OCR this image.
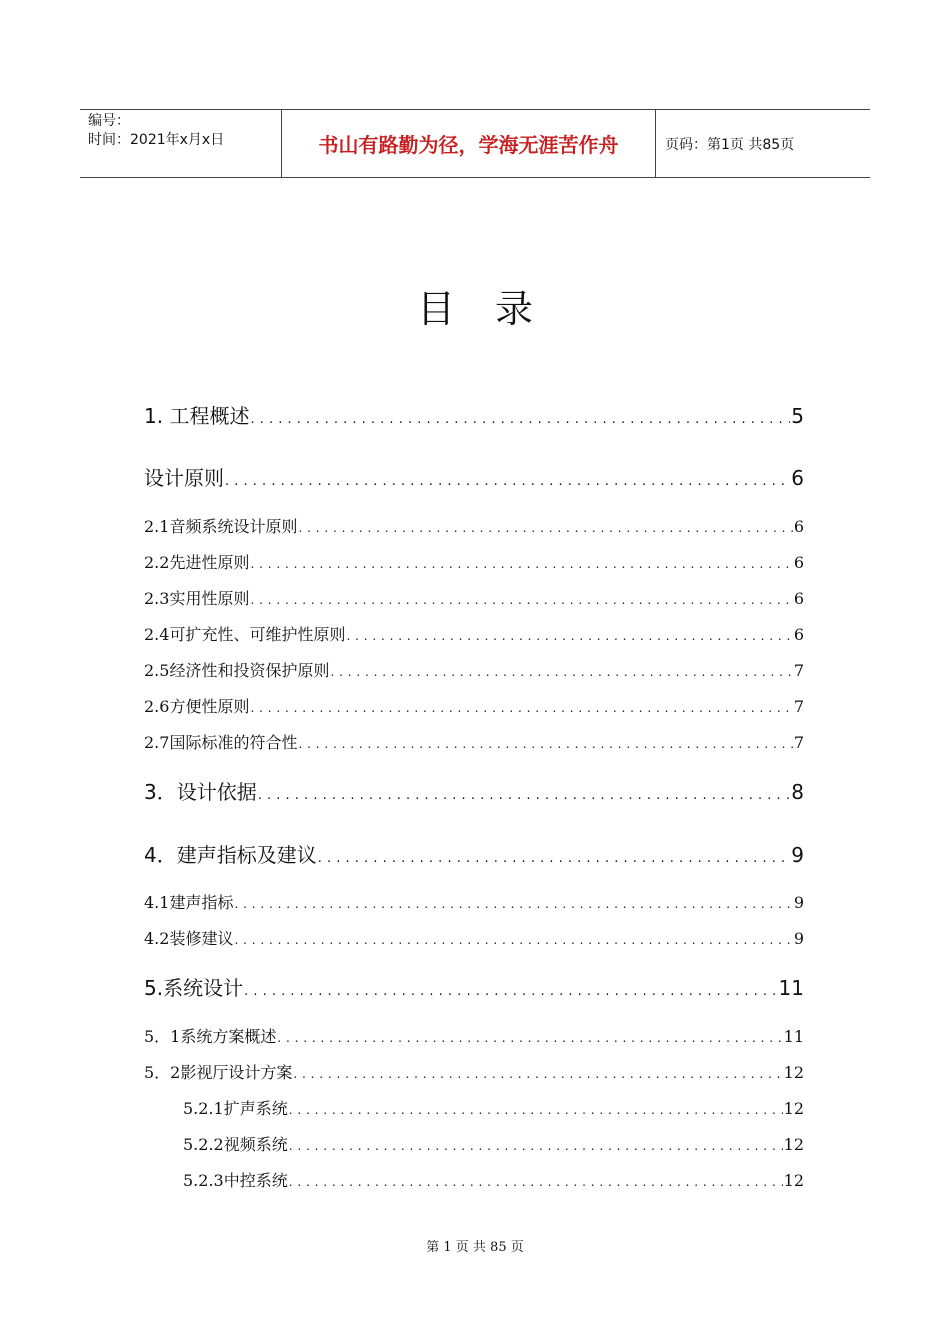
编号：
时间：2021年x月x日	书山有路勤为径，学海无涯苦作舟	页码：第1页 共85页
目录
1. 工程概述 . . .	5
设计原则 . . .	6
2.1音频系统设计原则 . . .	6
2.2先进性原则 . . .	6
2.3实用性原则 . . .	6
2.4可扩充性、可维护性原则 . . .	6
2.5经济性和投资保护原则 . . .	7
2.6方便性原则 . . .	7
2.7国际标准的符合性 . . .	7
3．设计依据 . . .	8
4．建声指标及建议 . . .	9
4.1建声指标 . . .	9
4.2装修建议 . . .	9
5.系统设计 . . .	11
5．1系统方案概述 . . .	11
5．2影视厅设计方案 . . .	12
5.2.1扩声系统 . . .	12
5.2.2视频系统 . . .	12
5.2.3中控系统 . . .	12
第 1 页 共 85 页
